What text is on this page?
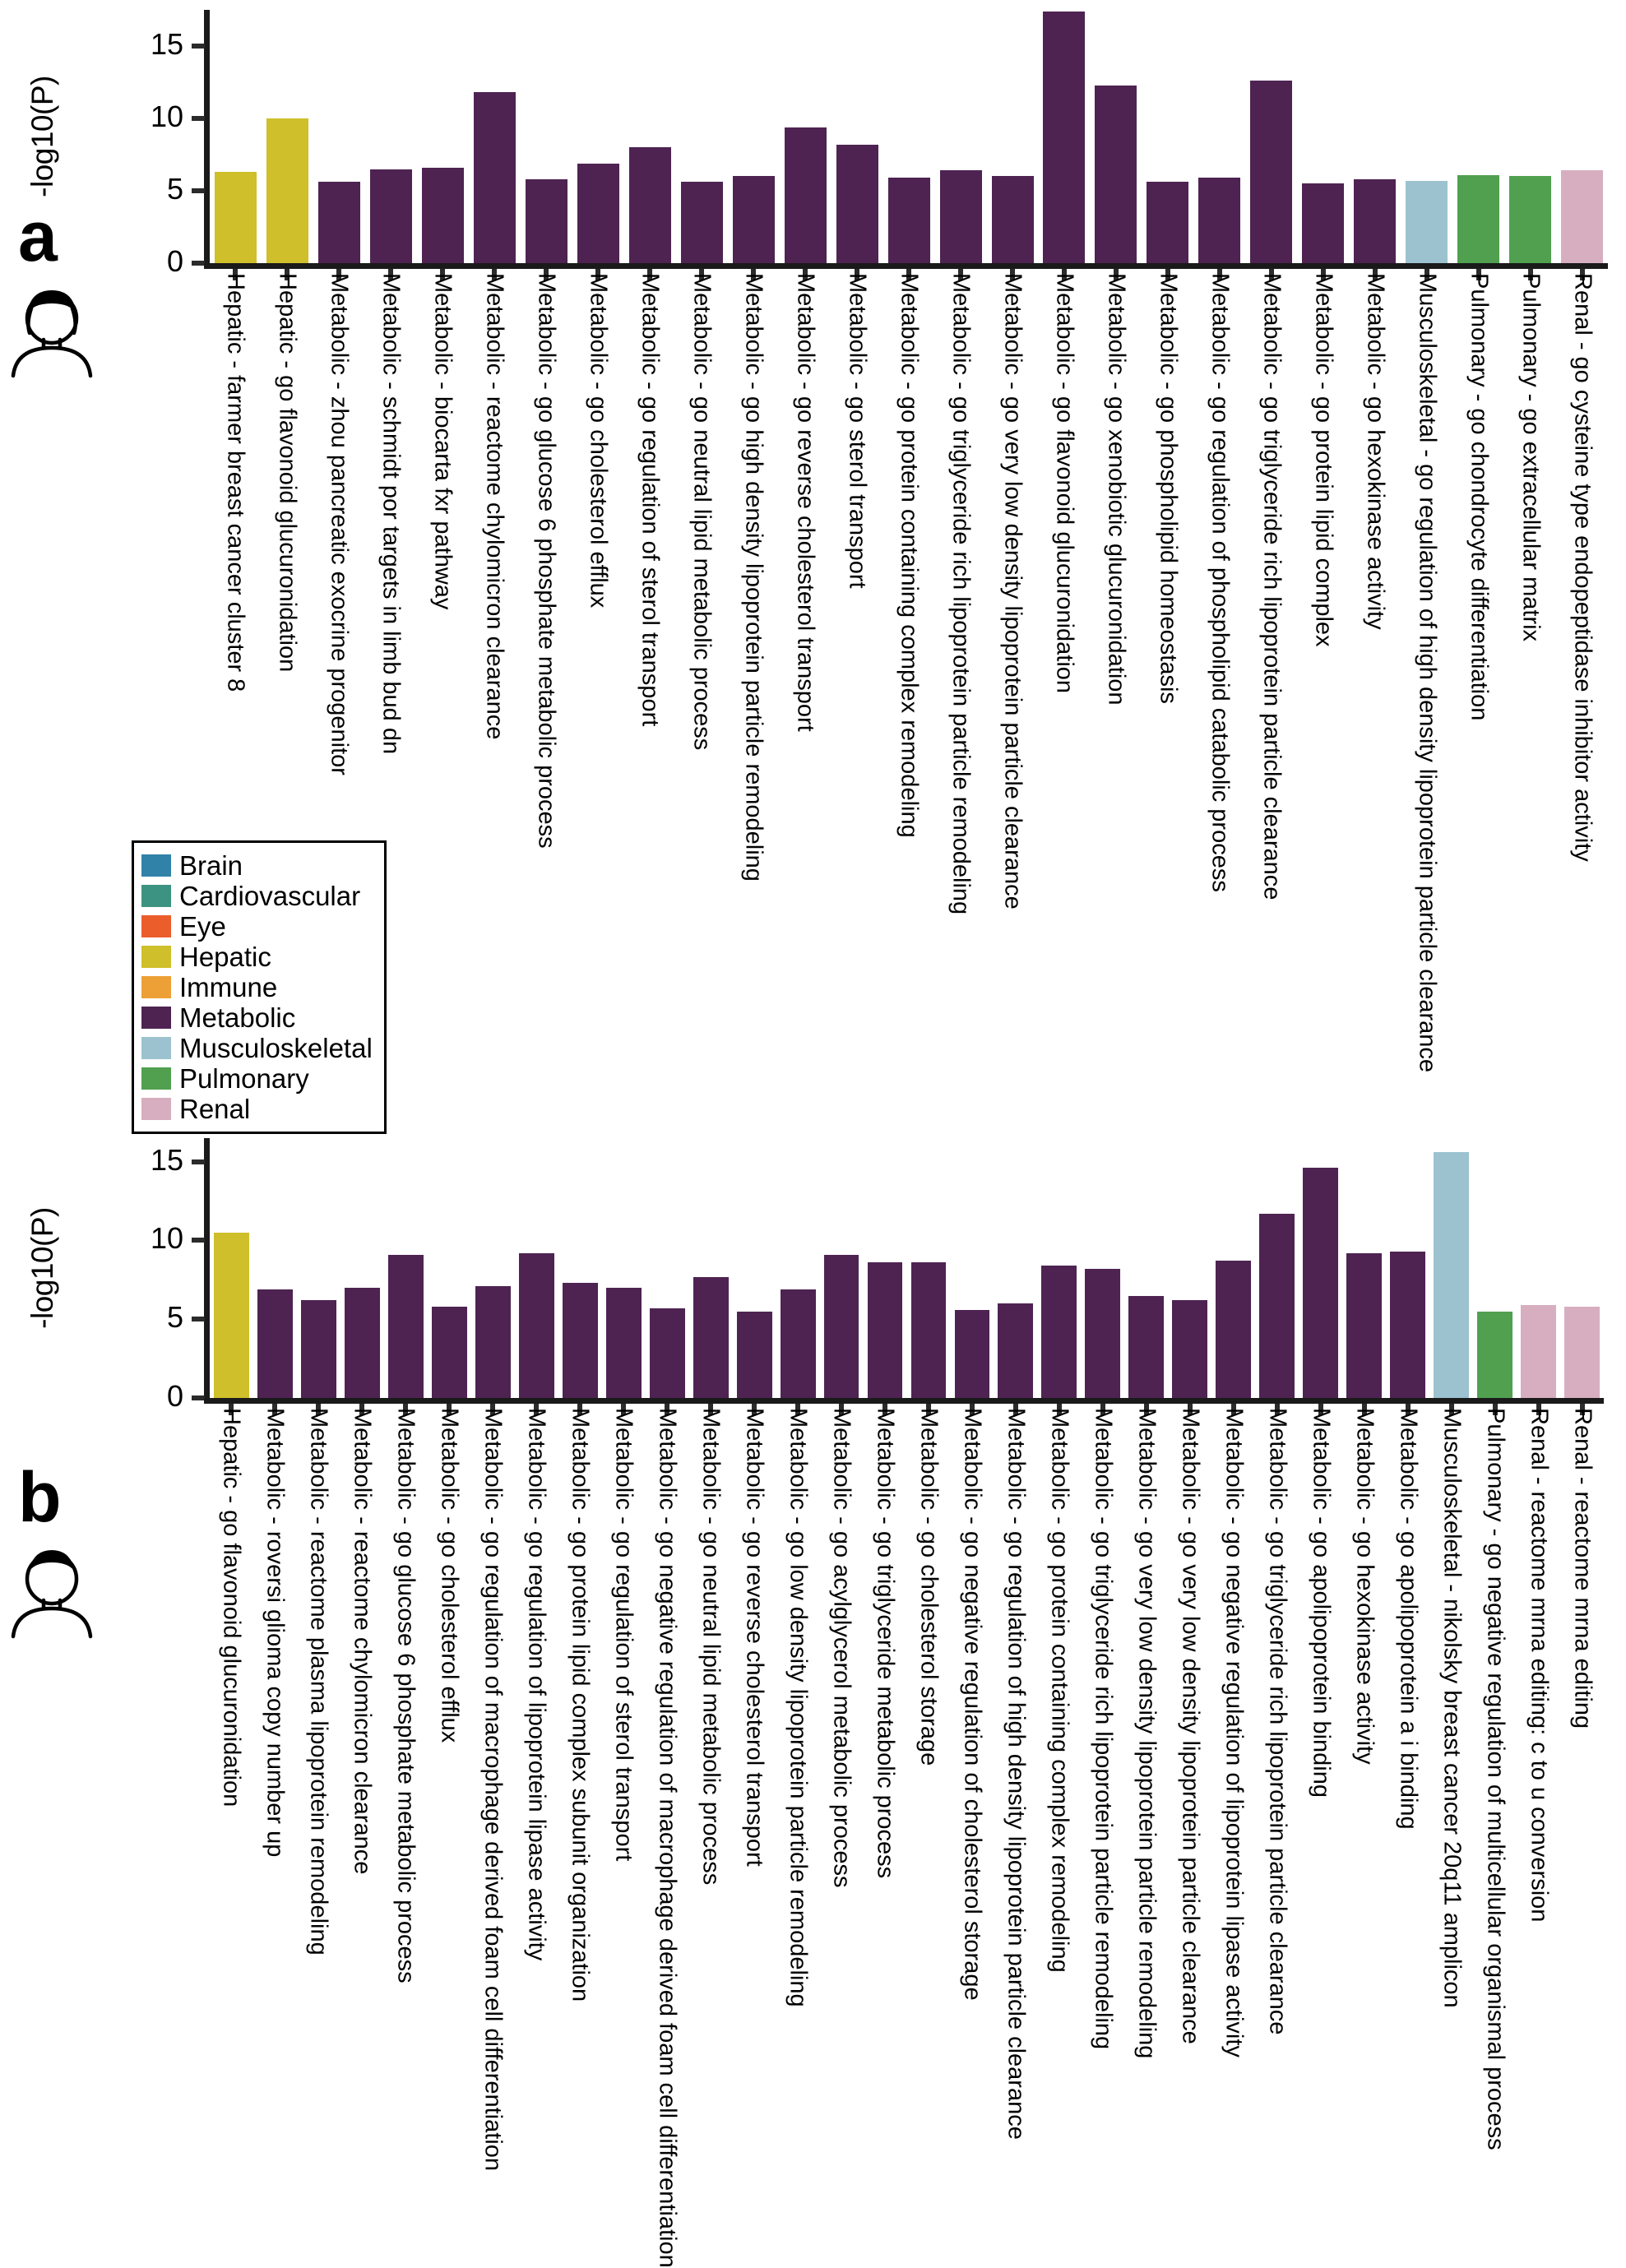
-log10(P)
0
5
10
15
Hepatic - farmer breast cancer cluster 8 Hepatic - go flavonoid glucuronidation Metabolic - zhou pancreatic exocrine progenitor Metabolic - schmidt por targets in limb bud dn Metabolic - biocarta fxr pathway Metabolic - reactome chylomicron clearance Metabolic - go glucose 6 phosphate metabolic process Metabolic - go cholesterol efflux Metabolic - go regulation of sterol transport Metabolic - go neutral lipid metabolic process Metabolic - go high density lipoprotein particle remodeling Metabolic - go reverse cholesterol transport Metabolic - go sterol transport Metabolic - go protein containing complex remodeling Metabolic - go triglyceride rich lipoprotein particle remodeling Metabolic - go very low density lipoprotein particle clearance Metabolic - go flavonoid glucuronidation Metabolic - go xenobiotic glucuronidation Metabolic - go phospholipid homeostasis Metabolic - go regulation of phospholipid catabolic process Metabolic - go triglyceride rich lipoprotein particle clearance Metabolic - go protein lipid complex Metabolic - go hexokinase activity Musculoskeletal - go regulation of high density lipoprotein particle clearance Pulmonary - go chondrocyte differentiation Pulmonary - go extracellular matrix Renal - go cysteine type endopeptidase inhibitor activity
a
Brain
Cardiovascular
Eye
Hepatic
Immune
Metabolic
Musculoskeletal
Pulmonary
Renal
-log10(P)
0
5
10
15
Hepatic - go flavonoid glucuronidation Metabolic - roversi glioma copy number up Metabolic - reactome plasma lipoprotein remodeling Metabolic - reactome chylomicron clearance Metabolic - go glucose 6 phosphate metabolic process Metabolic - go cholesterol efflux Metabolic - go regulation of macrophage derived foam cell differentiation Metabolic - go regulation of lipoprotein lipase activity Metabolic - go protein lipid complex subunit organization Metabolic - go regulation of sterol transport Metabolic - go negative regulation of macrophage derived foam cell differentiation Metabolic - go neutral lipid metabolic process Metabolic - go reverse cholesterol transport Metabolic - go low density lipoprotein particle remodeling Metabolic - go acylglycerol metabolic process Metabolic - go triglyceride metabolic process Metabolic - go cholesterol storage Metabolic - go negative regulation of cholesterol storage Metabolic - go regulation of high density lipoprotein particle clearance Metabolic - go protein containing complex remodeling Metabolic - go triglyceride rich lipoprotein particle remodeling Metabolic - go very low density lipoprotein particle remodeling Metabolic - go very low density lipoprotein particle clearance Metabolic - go negative regulation of lipoprotein lipase activity Metabolic - go triglyceride rich lipoprotein particle clearance Metabolic - go apolipoprotein binding Metabolic - go hexokinase activity Metabolic - go apolipoprotein a i binding Musculoskeletal - nikolsky breast cancer 20q11 amplicon Pulmonary - go negative regulation of multicellular organismal process Renal - reactome mrna editing: c to u conversion Renal - reactome mrna editing
b
